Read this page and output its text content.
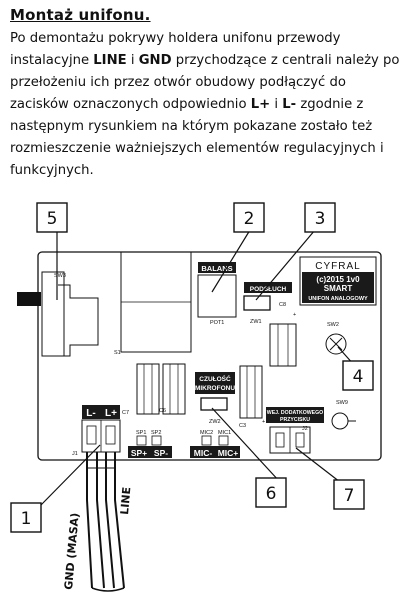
Montaż unifonu.

Po demontażu pokrywy holdera unifonu przewody instalacyjne LINE i GND przychodzące z centrali należy po przełożeniu ich przez otwór obudowy podłączyć do zacisków oznaczonych odpowiednio L+ i L- zgodnie z następnym rysunkiem na którym pokazane zostało też rozmieszczenie ważniejszych elementów regulacyjnych i funkcyjnych.

SW3
S1
BALANS
POT1
PODSŁUCH
ZW1
CYFRAL
(c)2015 1v0
SMART
UNIFON ANALOGOWY
C8
+
SW2
C7	C6
C3
+
CZUŁOŚĆ
MIKROFONU
ZW2
SW9
WEJ. DODATKOWEGO
PRZYCISKU
J2
L- L+
J1
SP1 SP2
SP+ SP-
MIC2 MIC1
MIC- MIC+
GND (MASA)
LINE
5	2	3
4
1
6	7
